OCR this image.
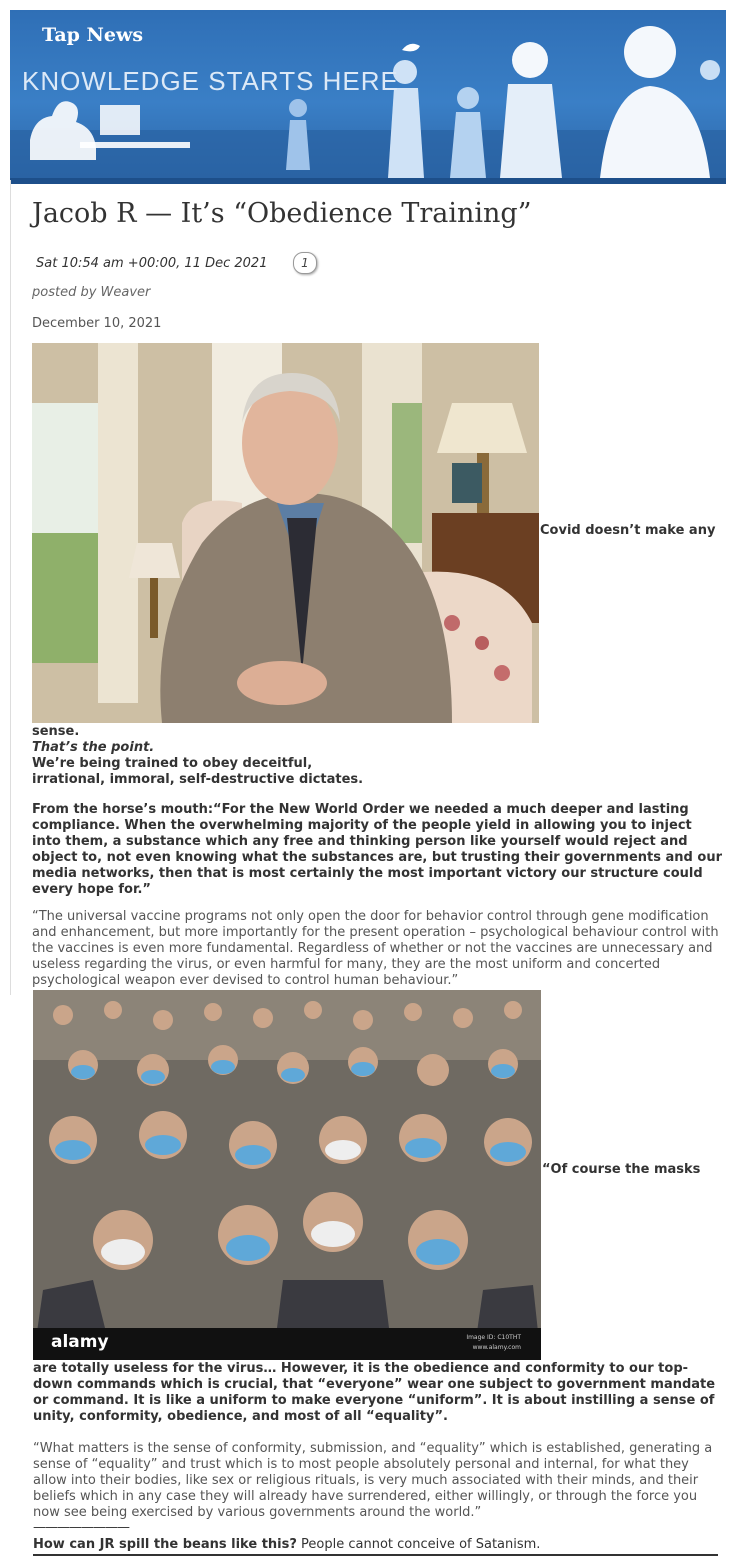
Tap News
KNOWLEDGE STARTS HERE
Jacob R — It’s “Obedience Training”
Sat 10:54 am +00:00, 11 Dec 2021	1
posted by Weaver
December 10, 2021
Covid doesn’t make any
sense.
That’s the point.
We’re being trained to obey deceitful,
irrational, immoral, self-destructive dictates.
From the horse’s mouth:“For the New World Order we needed a much deeper and lasting compliance. When the overwhelming majority of the people yield in allowing you to inject into them, a substance which any free and thinking person like yourself would reject and object to, not even knowing what the substances are, but trusting their governments and our media networks, then that is most certainly the most important victory our structure could every hope for.”
“The universal vaccine programs not only open the door for behavior control through gene modification and enhancement, but more importantly for the present operation – psychological behaviour control with the vaccines is even more fundamental. Regardless of whether or not the vaccines are unnecessary and useless regarding the virus, or even harmful for many, they are the most uniform and concerted psychological weapon ever devised to control human behaviour.”
alamy	Image ID: C10THT
www.alamy.com
“Of course the masks
are totally useless for the virus… However, it is the obedience and conformity to our top-down commands which is crucial, that “everyone” wear one subject to government mandate or command. It is like a uniform to make everyone “uniform”. It is about instilling a sense of unity, conformity, obedience, and most of all “equality”.
“What matters is the sense of conformity, submission, and “equality” which is established, generating a sense of “equality” and trust which is to most people absolutely personal and internal, for what they allow into their bodies, like sex or religious rituals, is very much associated with their minds, and their beliefs which in any case they will already have surrendered, either willingly, or through the force you now see being exercised by various governments around the world.”
————————
How can JR spill the beans like this? People cannot conceive of Satanism.
